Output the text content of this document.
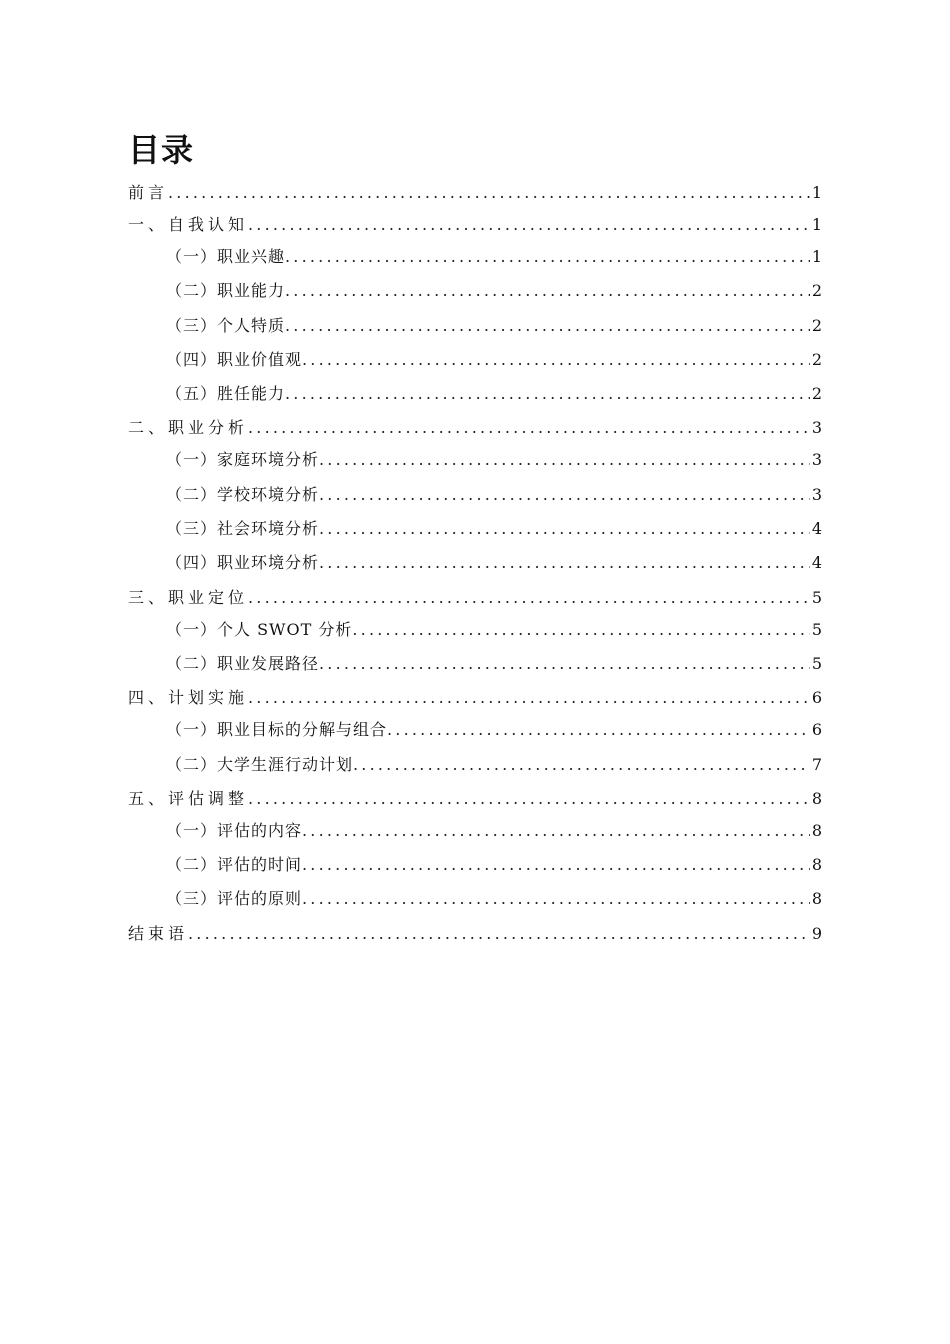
目录
前言 .....	1
一、自我认知 .....	1
（一）职业兴趣 .....	1
（二）职业能力 .....	2
（三）个人特质 .....	2
（四）职业价值观 .....	2
（五）胜任能力 .....	2
二、职业分析 .....	3
（一）家庭环境分析 .....	3
（二）学校环境分析 .....	3
（三）社会环境分析 .....	4
（四）职业环境分析 .....	4
三、职业定位 .....	5
（一）个人 SWOT 分析 .....	5
（二）职业发展路径 .....	5
四、计划实施 .....	6
（一）职业目标的分解与组合 .....	6
（二）大学生涯行动计划 .....	7
五、评估调整 .....	8
（一）评估的内容 .....	8
（二）评估的时间 .....	8
（三）评估的原则 .....	8
结束语 .....	9
